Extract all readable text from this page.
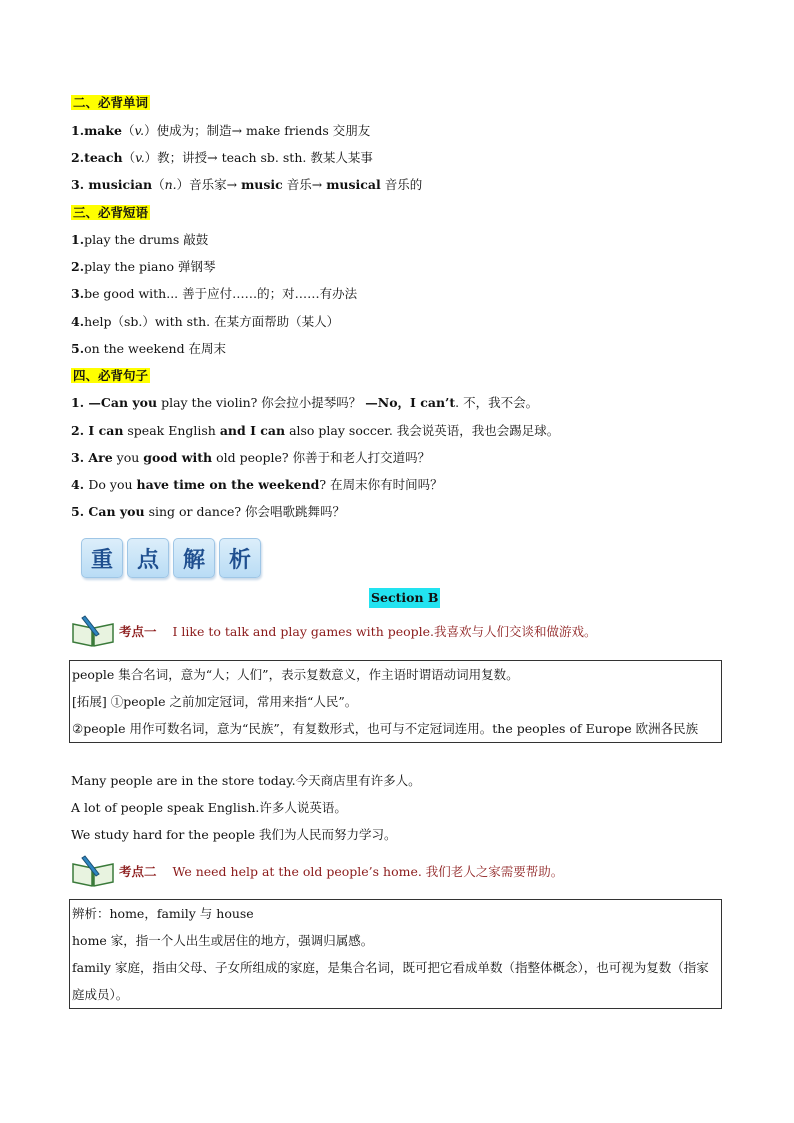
二、必背单词
1.make（v.）使成为；制造→ make friends 交朋友
2.teach（v.）教；讲授→ teach sb. sth. 教某人某事
3. musician（n.）音乐家→ music 音乐→ musical 音乐的
三、必背短语
1.play the drums 敲鼓
2.play the piano 弹钢琴
3.be good with... 善于应付……的；对……有办法
4.help（sb.）with sth. 在某方面帮助（某人）
5.on the weekend 在周末
四、必背句子
1. —Can you play the violin? 你会拉小提琴吗？ —No，I can’t. 不，我不会。
2. I can speak English and I can also play soccer. 我会说英语，我也会踢足球。
3. Are you good with old people? 你善于和老人打交道吗？
4. Do you have time on the weekend? 在周末你有时间吗？
5. Can you sing or dance? 你会唱歌跳舞吗？
重	点	解	析
Section B
考点一 I like to talk and play games with people.我喜欢与人们交谈和做游戏。
people 集合名词，意为“人；人们”，表示复数意义，作主语时谓语动词用复数。
[拓展] ①people 之前加定冠词，常用来指“人民”。
②people 用作可数名词，意为“民族”，有复数形式，也可与不定冠词连用。the peoples of Europe 欧洲各民族
Many people are in the store today.今天商店里有许多人。
A lot of people speak English.许多人说英语。
We study hard for the people 我们为人民而努力学习。
考点二 We need help at the old people’s home. 我们老人之家需要帮助。
辨析：home，family 与 house
home 家，指一个人出生或居住的地方，强调归属感。
family 家庭，指由父母、子女所组成的家庭，是集合名词，既可把它看成单数（指整体概念），也可视为复数（指家庭成员）。
